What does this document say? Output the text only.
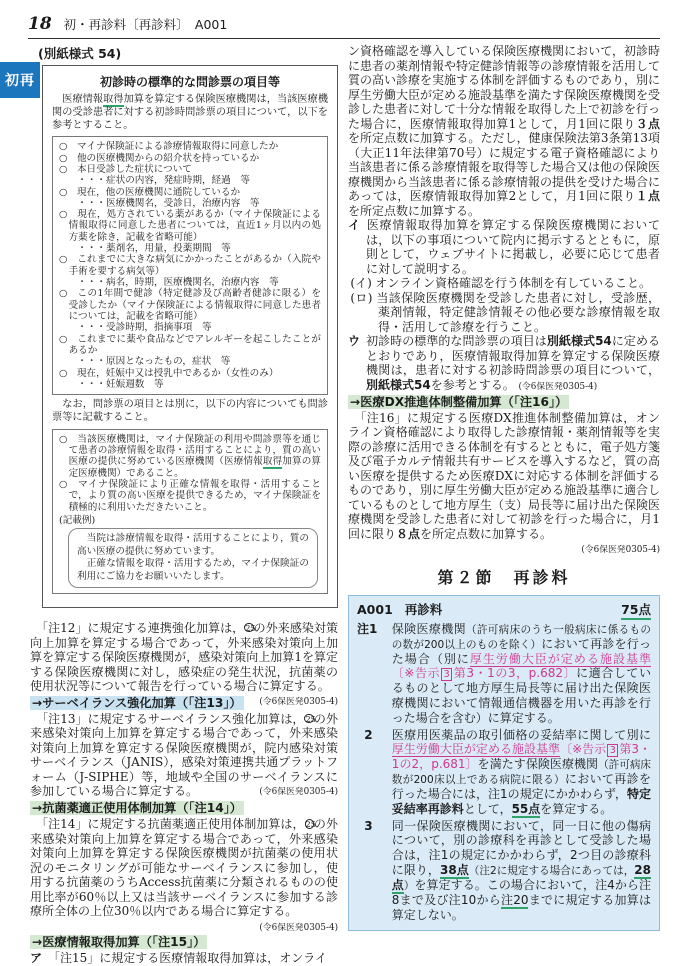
18 初・再診料〔再診料〕　A001
初再
(別紙様式 54)
初診時の標準的な問診票の項目等
　医療情報取得加算を算定する保険医療機関は，当該医療機関の受診患者に対する初診時問診票の項目について，以下を参考とすること。
○　マイナ保険証による診療情報取得に同意したか
○　他の医療機関からの紹介状を持っているか
○　本日受診した症状について
・・・症状の内容，発症時期，経過　等
○　現在，他の医療機関に通院しているか
・・・医療機関名，受診日，治療内容　等
○　現在，処方されている薬があるか（マイナ保険証による情報取得に同意した患者については，直近1ヶ月以内の処方薬を除き，記載を省略可能）
・・・薬剤名，用量，投薬期間　等
○　これまでに大きな病気にかかったことがあるか（入院や手術を要する病気等）
・・・病名，時期，医療機関名，治療内容　等
○　この1年間で健診（特定健診及び高齢者健診に限る）を受診したか（マイナ保険証による情報取得に同意した患者については，記載を省略可能）
・・・受診時期，指摘事項　等
○　これまでに薬や食品などでアレルギーを起こしたことがあるか
・・・原因となったもの，症状　等
○　現在，妊娠中又は授乳中であるか（女性のみ）
・・・妊娠週数　等
　なお，問診票の項目とは別に，以下の内容についても問診票等に記載すること。
○　当該医療機関は，マイナ保険証の利用や問診票等を通じて患者の診療情報を取得・活用することにより，質の高い医療の提供に努めている医療機関（医療情報取得加算の算定医療機関）であること。
○　マイナ保険証により正確な情報を取得・活用することで，より質の高い医療を提供できるため，マイナ保険証を積極的に利用いただきたいこと。
(記載例)
　当院は診療情報を取得・活用することにより，質の高い医療の提供に努めています。
　正確な情報を取得・活用するため，マイナ保険証の利用にご協力をお願いいたします。
　「注12」に規定する連携強化加算は，25の外来感染対策向上加算を算定する場合であって，外来感染対策向上加算を算定する保険医療機関が，感染対策向上加算1を算定する保険医療機関に対し，感染症の発生状況，抗菌薬の使用状況等について報告を行っている場合に算定する。
(令6保医発0305-4)
→サーベイランス強化加算（「注13」）
　「注13」に規定するサーベイランス強化加算は，25の外来感染対策向上加算を算定する場合であって，外来感染対策向上加算を算定する保険医療機関が，院内感染対策サーベイランス（JANIS），感染対策連携共通プラットフォーム（J-SIPHE）等，地域や全国のサーベイランスに参加している場合に算定する。	(令6保医発0305-4)
→抗菌薬適正使用体制加算（「注14」）
　「注14」に規定する抗菌薬適正使用体制加算は，25の外来感染対策向上加算を算定する場合であって，外来感染対策向上加算を算定する保険医療機関が抗菌薬の使用状況のモニタリングが可能なサーベイランスに参加し，使用する抗菌薬のうちAccess抗菌薬に分類されるものの使用比率が60％以上又は当該サーベイランスに参加する診療所全体の上位30％以内である場合に算定する。
(令6保医発0305-4)
→医療情報取得加算（「注15」）
ア 「注15」に規定する医療情報取得加算は，オンライ
ン資格確認を導入している保険医療機関において，初診時に患者の薬剤情報や特定健診情報等の診療情報を活用して質の高い診療を実施する体制を評価するものであり，別に厚生労働大臣が定める施設基準を満たす保険医療機関を受診した患者に対して十分な情報を取得した上で初診を行った場合に，医療情報取得加算1として，月1回に限り３点を所定点数に加算する。ただし，健康保険法第3条第13項（大正11年法律第70号）に規定する電子資格確認により当該患者に係る診療情報を取得等した場合又は他の保険医療機関から当該患者に係る診療情報の提供を受けた場合にあっては，医療情報取得加算2として，月1回に限り１点を所定点数に加算する。
イ 医療情報取得加算を算定する保険医療機関においては，以下の事項について院内に掲示するとともに，原則として，ウェブサイトに掲載し，必要に応じて患者に対して説明する。
(イ) オンライン資格確認を行う体制を有していること。
(ロ) 当該保険医療機関を受診した患者に対し，受診歴，薬剤情報，特定健診情報その他必要な診療情報を取得・活用して診療を行うこと。
ウ 初診時の標準的な問診票の項目は別紙様式54に定めるとおりであり，医療情報取得加算を算定する保険医療機関は，患者に対する初診時問診票の項目について，別紙様式54を参考とする。 (令6保医発0305-4)
→医療DX推進体制整備加算（「注16」）
　「注16」に規定する医療DX推進体制整備加算は，オンライン資格確認により取得した診療情報・薬剤情報等を実際の診療に活用できる体制を有するとともに，電子処方箋及び電子カルテ情報共有サービスを導入するなど，質の高い医療を提供するため医療DXに対応する体制を評価するものであり，別に厚生労働大臣が定める施設基準に適合しているものとして地方厚生（支）局長等に届け出た保険医療機関を受診した患者に対して初診を行った場合に，月1回に限り８点を所定点数に加算する。
(令6保医発0305-4)
第２節　再診料
A001 再診料	75点
注1 保険医療機関（許可病床のうち一般病床に係るものの数が200以上のものを除く）において再診を行った場合（別に厚生労働大臣が定める施設基準〔※告示 3 第3・1の3，p.682〕に適合しているものとして地方厚生局長等に届け出た保険医療機関において情報通信機器を用いた再診を行った場合を含む）に算定する。
2 医療用医薬品の取引価格の妥結率に関して別に厚生労働大臣が定める施設基準〔※告示 3 第3・1の2，p.681〕を満たす保険医療機関（許可病床数が200床以上である病院に限る）において再診を行った場合には，注1の規定にかかわらず，特定妥結率再診料として，55点を算定する。
3 同一保険医療機関において，同一日に他の傷病について，別の診療科を再診として受診した場合は，注1の規定にかかわらず，2つ目の診療科に限り，38点（注2に規定する場合にあっては，28点）を算定する。この場合において，注4から注8まで及び注10から注20までに規定する加算は算定しない。
